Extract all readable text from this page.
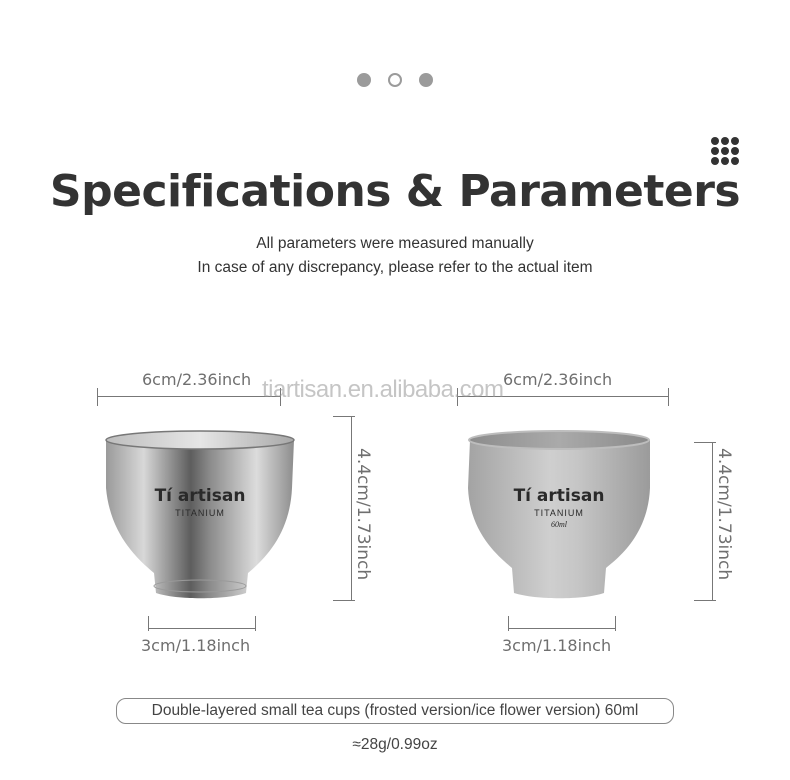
Specifications & Parameters
All parameters were measured manually
In case of any discrepancy, please refer to the actual item
6cm/2.36inch
Tí artisan
TITANIUM	4.4cm/1.73inch
3cm/1.18inch
6cm/2.36inch
Tí artisan
TITANIUM
60ml	4.4cm/1.73inch
3cm/1.18inch
tiartisan.en.alibaba.com
Double-layered small tea cups (frosted version/ice flower version) 60ml
≈28g/0.99oz
